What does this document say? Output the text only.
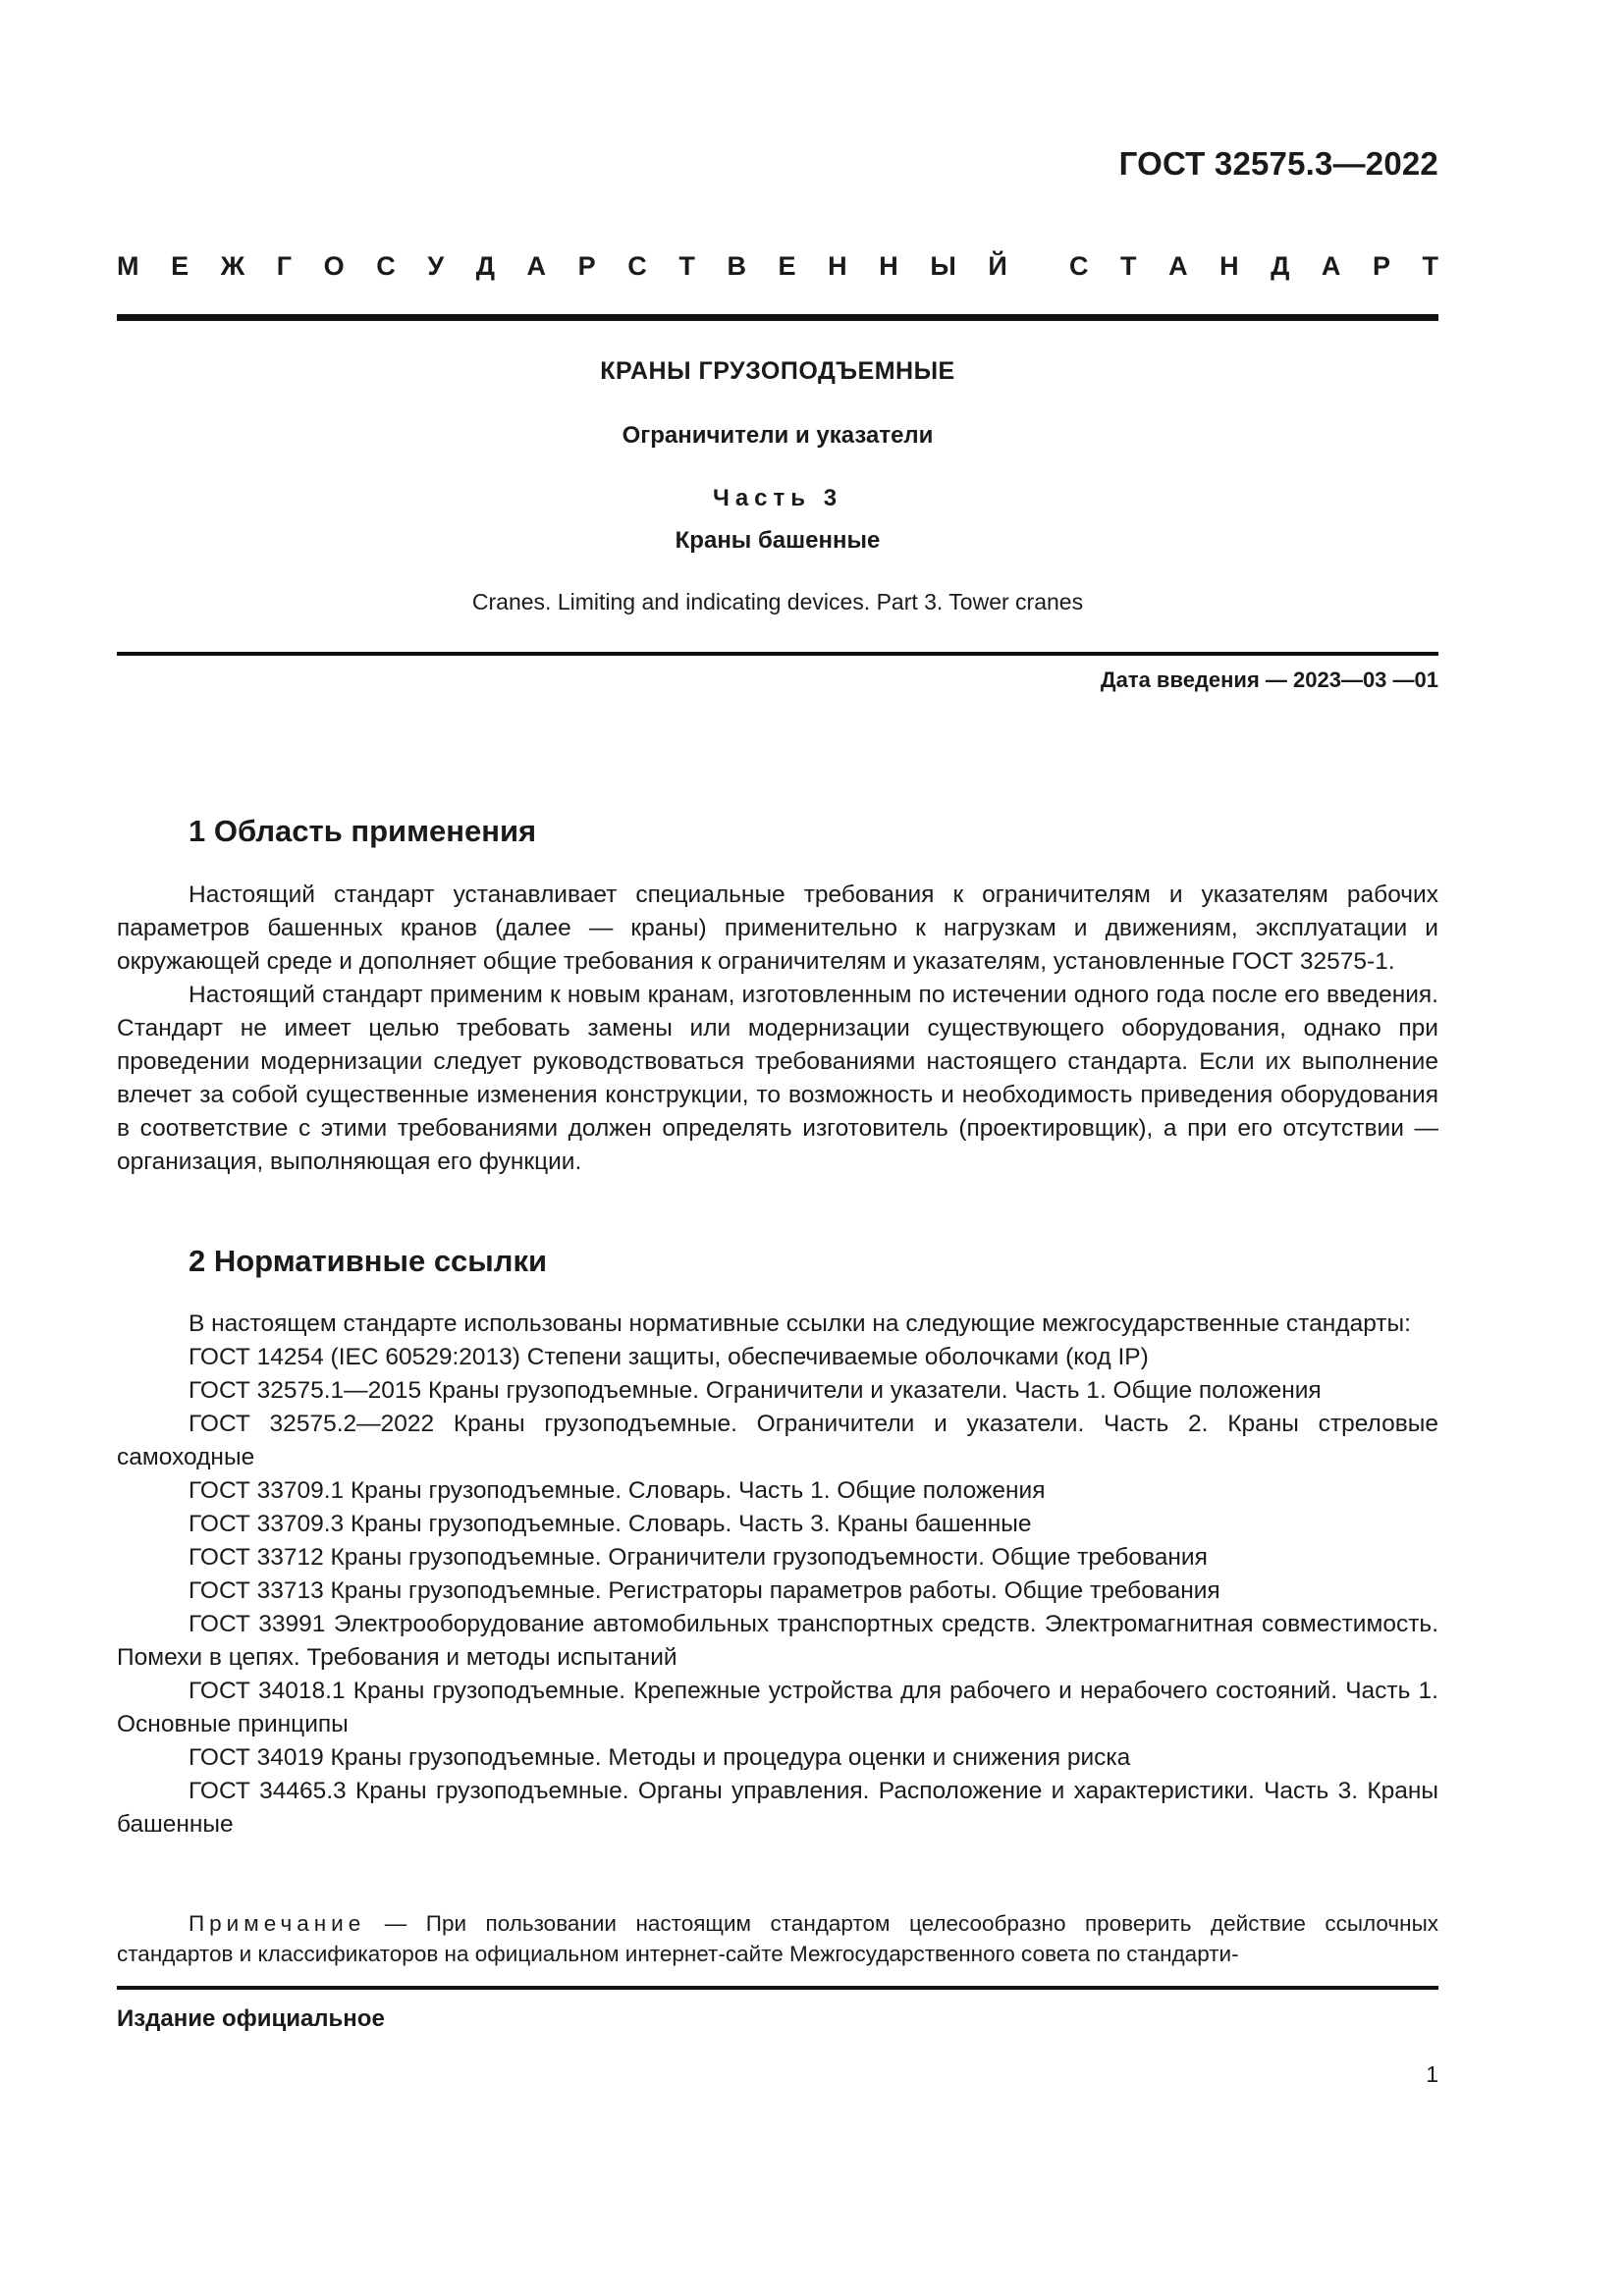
ГОСТ 32575.3—2022
М Е Ж Г О С У Д А Р С Т В Е Н Н Ы Й С Т А Н Д А Р Т
КРАНЫ ГРУЗОПОДЪЕМНЫЕ
Ограничители и указатели
Часть 3
Краны башенные
Cranes. Limiting and indicating devices. Part 3. Tower cranes
Дата введения — 2023—03 —01
1 Область применения

Настоящий стандарт устанавливает специальные требования к ограничителям и указателям рабочих параметров башенных кранов (далее — краны) применительно к нагрузкам и движениям, эксплуатации и окружающей среде и дополняет общие требования к ограничителям и указателям, установленные ГОСТ 32575-1.

Настоящий стандарт применим к новым кранам, изготовленным по истечении одного года после его введения. Стандарт не имеет целью требовать замены или модернизации существующего оборудования, однако при проведении модернизации следует руководствоваться требованиями настоящего стандарта. Если их выполнение влечет за собой существенные изменения конструкции, то возможность и необходимость приведения оборудования в соответствие с этими требованиями должен определять изготовитель (проектировщик), а при его отсутствии — организация, выполняющая его функции.

2 Нормативные ссылки

В настоящем стандарте использованы нормативные ссылки на следующие межгосударственные стандарты:

ГОСТ 14254 (IEC 60529:2013) Степени защиты, обеспечиваемые оболочками (код IP)

ГОСТ 32575.1—2015 Краны грузоподъемные. Ограничители и указатели. Часть 1. Общие положения

ГОСТ 32575.2—2022 Краны грузоподъемные. Ограничители и указатели. Часть 2. Краны стреловые самоходные

ГОСТ 33709.1 Краны грузоподъемные. Словарь. Часть 1. Общие положения

ГОСТ 33709.3 Краны грузоподъемные. Словарь. Часть 3. Краны башенные

ГОСТ 33712 Краны грузоподъемные. Ограничители грузоподъемности. Общие требования

ГОСТ 33713 Краны грузоподъемные. Регистраторы параметров работы. Общие требования

ГОСТ 33991 Электрооборудование автомобильных транспортных средств. Электромагнитная совместимость. Помехи в цепях. Требования и методы испытаний

ГОСТ 34018.1 Краны грузоподъемные. Крепежные устройства для рабочего и нерабочего состояний. Часть 1. Основные принципы

ГОСТ 34019 Краны грузоподъемные. Методы и процедура оценки и снижения риска

ГОСТ 34465.3 Краны грузоподъемные. Органы управления. Расположение и характеристики. Часть 3. Краны башенные

Примечание — При пользовании настоящим стандартом целесообразно проверить действие ссылочных стандартов и классификаторов на официальном интернет-сайте Межгосударственного совета по стандарти-

Издание официальное
1
